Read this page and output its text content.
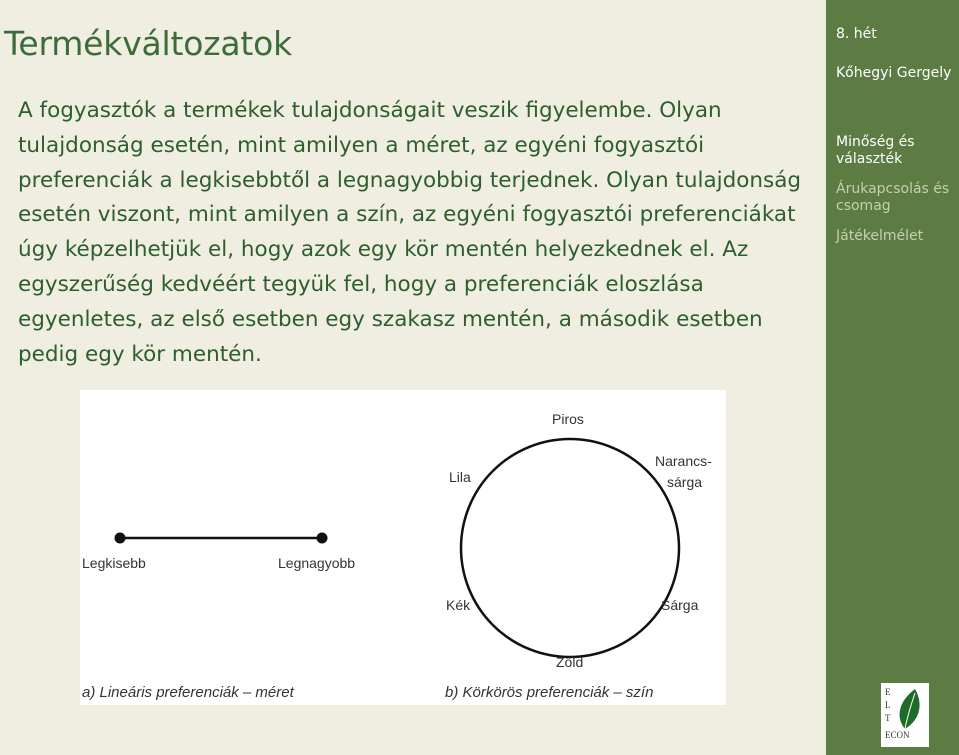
Termékváltozatok

A fogyasztók a termékek tulajdonságait veszik figyelembe. Olyan tulajdonság esetén, mint amilyen a méret, az egyéni fogyasztói preferenciák a legkisebbtől a legnagyobbig terjednek. Olyan tulajdonság esetén viszont, mint amilyen a szín, az egyéni fogyasztói preferenciákat úgy képzelhetjük el, hogy azok egy kör mentén helyezkednek el. Az egyszerűség kedvéért tegyük fel, hogy a preferenciák eloszlása egyenletes, az első esetben egy szakasz mentén, a második esetben pedig egy kör mentén.

Legkisebb	Legnagyobb
a) Lineáris preferenciák – méret
Piros
Narancs-
sárga
Lila
Sárga
Kék
Zöld
b) Körkörös preferenciák – szín
8. hét
Kőhegyi Gergely
Minőség és választék
Árukapcsolás és csomag
Játékelmélet
E
L
T
ECON
